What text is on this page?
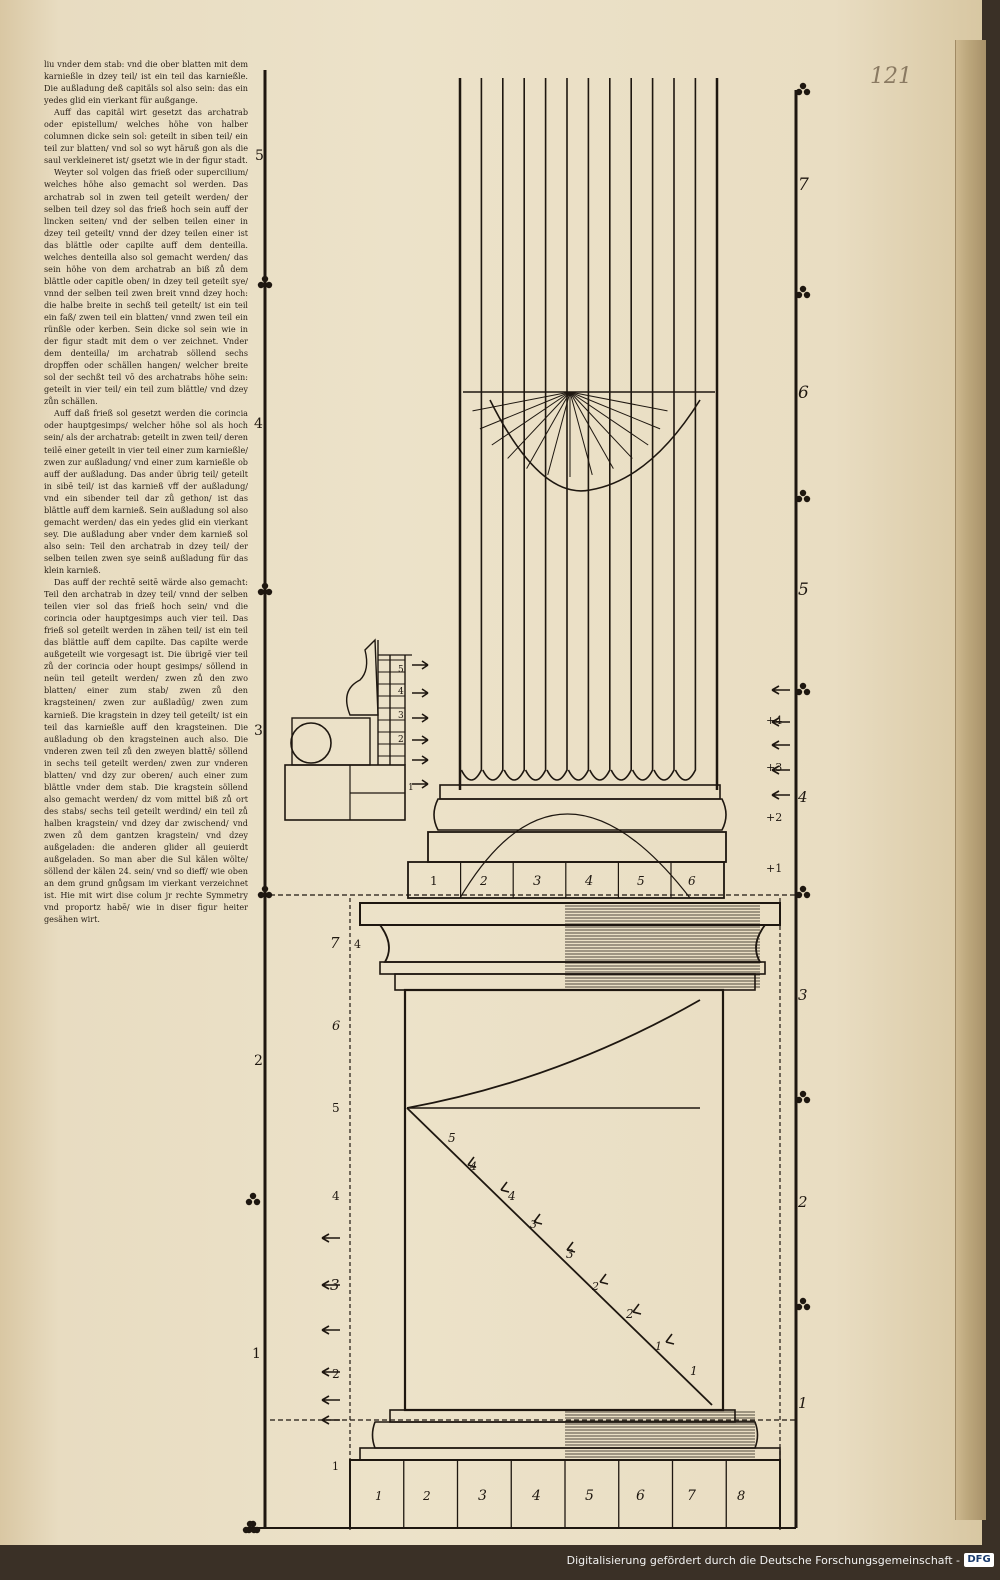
121

liu vnder dem stab: vnd die ober blatten mit dem karnießle in dzey teil/ ist ein teil das karnießle. Die außladung deß capitäls sol also sein: das ein yedes glid ein vierkant für außgange.

Auff das capitäl wirt gesetzt das archatrab oder epistellum/ welches höhe von halber columnen dicke sein sol: geteilt in siben teil/ ein teil zur blatten/ vnd sol so wyt häruß gon als die saul verkleineret ist/ gsetzt wie in der figur stadt.

Weyter sol volgen das frieß oder supercilium/ welches höhe also gemacht sol werden. Das archatrab sol in zwen teil geteilt werden/ der selben teil dzey sol das frieß hoch sein auff der lincken seiten/ vnd der selben teilen einer in dzey teil geteilt/ vnnd der dzey teilen einer ist das blättle oder capilte auff dem denteilla. welches denteilla also sol gemacht werden/ das sein höhe von dem archatrab an biß zů dem blättle oder capitle oben/ in dzey teil geteilt sye/ vnnd der selben teil zwen breit vnnd dzey hoch: die halbe breite in sechß teil geteilt/ ist ein teil ein faß/ zwen teil ein blatten/ vnnd zwen teil ein rünßle oder kerben. Sein dicke sol sein wie in der figur stadt mit dem o ver zeichnet. Vnder dem denteilla/ im archatrab söllend sechs dropffen oder schällen hangen/ welcher breite sol der sechßt teil vō des archatrabs höhe sein: geteilt in vier teil/ ein teil zum blättle/ vnd dzey zůn schällen.

Auff daß frieß sol gesetzt werden die corincia oder hauptgesimps/ welcher höhe sol als hoch sein/ als der archatrab: geteilt in zwen teil/ deren teilē einer geteilt in vier teil einer zum karnießle/ zwen zur außladung/ vnd einer zum karnießle ob auff der außladung. Das ander übrig teil/ geteilt in sibē teil/ ist das karnieß vff der außladung/ vnd ein sibender teil dar zů gethon/ ist das blättle auff dem karnieß. Sein außladung sol also gemacht werden/ das ein yedes glid ein vierkant sey. Die außladung aber vnder dem karnieß sol also sein: Teil den archatrab in dzey teil/ der selben teilen zwen sye seinß außladung für das klein karnieß.

Das auff der rechtē seitē wärde also gemacht: Teil den archatrab in dzey teil/ vnnd der selben teilen vier sol das frieß hoch sein/ vnd die corincia oder hauptgesimps auch vier teil. Das frieß sol geteilt werden in zähen teil/ ist ein teil das blättle auff dem capilte. Das capilte werde außgeteilt wie vorgesagt ist. Die übrigē vier teil zů der corincia oder houpt gesimps/ söllend in neün teil geteilt werden/ zwen zů den zwo blatten/ einer zum stab/ zwen zů den kragsteinen/ zwen zur außladūg/ zwen zum karnieß. Die kragstein in dzey teil geteilt/ ist ein teil das karnießle auff den kragsteinen. Die außladung ob den kragsteinen auch also. Die vnderen zwen teil zů den zweyen blattē/ söllend in sechs teil geteilt werden/ zwen zur vnderen blatten/ vnd dzy zur oberen/ auch einer zum blättle vnder dem stab. Die kragstein söllend also gemacht werden/ dz vom mittel biß zů ort des stabs/ sechs teil geteilt werdind/ ein teil zů halben kragstein/ vnd dzey dar zwischend/ vnd zwen zů dem gantzen kragstein/ vnd dzey außgeladen: die anderen glider all geuierdt außgeladen. So man aber die Sul kälen wölte/ söllend der kälen 24. sein/ vnd so dieff/ wie oben an dem grund gnůgsam im vierkant verzeichnet ist. Hie mit wirt dise colum jr rechte Symmetry vnd proportz habē/ wie in diser figur heiter gesähen wirt.

5
4
3
2
1
7
6
5
4
3
2
1
+4
+3
+2
+1
1	2	3	4	5	6
7 4
6
5
4
3
2
1
5
4
4
3
3
2
2
1
1
1	2	3	4	5	6	7	8
5
4
3
2
1
Digitalisierung gefördert durch die Deutsche Forschungsgemeinschaft - DFG
